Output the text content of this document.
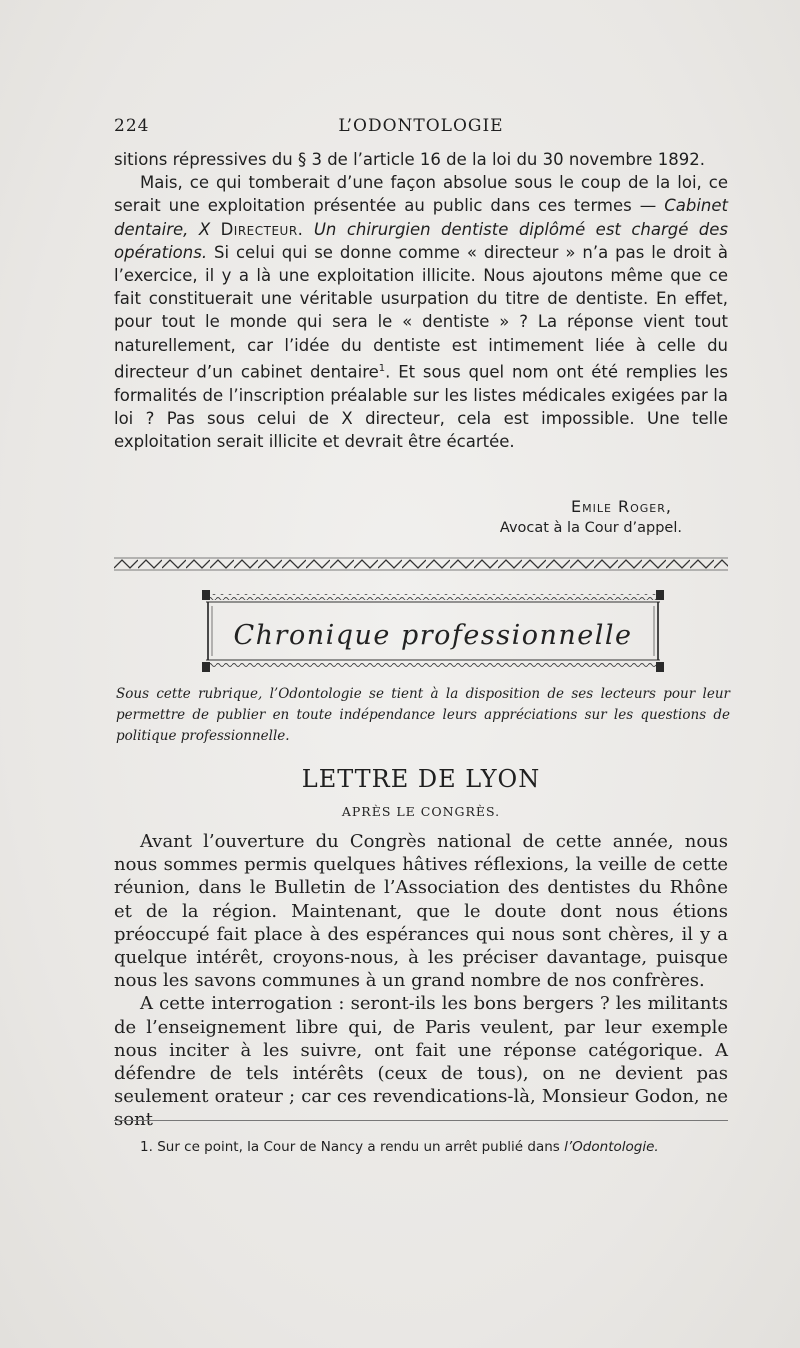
224	L’ODONTOLOGIE

sitions répressives du § 3 de l’article 16 de la loi du 30 novembre 1892.

Mais, ce qui tomberait d’une façon absolue sous le coup de la loi, ce serait une exploitation présentée au public dans ces termes — Cabinet dentaire, X Directeur. Un chirurgien dentiste diplômé est chargé des opérations. Si celui qui se donne comme « directeur » n’a pas le droit à l’exercice, il y a là une exploitation illicite. Nous ajoutons même que ce fait constituerait une véritable usurpation du titre de dentiste. En effet, pour tout le monde qui sera le « dentiste » ? La réponse vient tout naturellement, car l’idée du dentiste est intimement liée à celle du directeur d’un cabinet dentaire$^1$. Et sous quel nom ont été remplies les formalités de l’inscription préalable sur les listes médicales exigées par la loi ? Pas sous celui de X directeur, cela est impossible. Une telle exploitation serait illicite et devrait être écartée.

Emile Roger,
Avocat à la Cour d’appel.
Chronique professionnelle
Sous cette rubrique, l’Odontologie se tient à la disposition de ses lecteurs pour leur permettre de publier en toute indépendance leurs appréciations sur les questions de politique professionnelle.
LETTRE DE LYON
APRÈS LE CONGRÈS.

Avant l’ouverture du Congrès national de cette année, nous nous sommes permis quelques hâtives réflexions, la veille de cette réunion, dans le Bulletin de l’Association des dentistes du Rhône et de la région. Maintenant, que le doute dont nous étions préoccupé fait place à des espérances qui nous sont chères, il y a quelque intérêt, croyons-nous, à les préciser davantage, puisque nous les savons communes à un grand nombre de nos confrères.

A cette interrogation : seront-ils les bons bergers ? les militants de l’enseignement libre qui, de Paris veulent, par leur exemple nous inciter à les suivre, ont fait une réponse catégorique. A défendre de tels intérêts (ceux de tous), on ne devient pas seulement orateur ; car ces revendications-là, Monsieur Godon, ne sont

1. Sur ce point, la Cour de Nancy a rendu un arrêt publié dans l’Odontologie.
